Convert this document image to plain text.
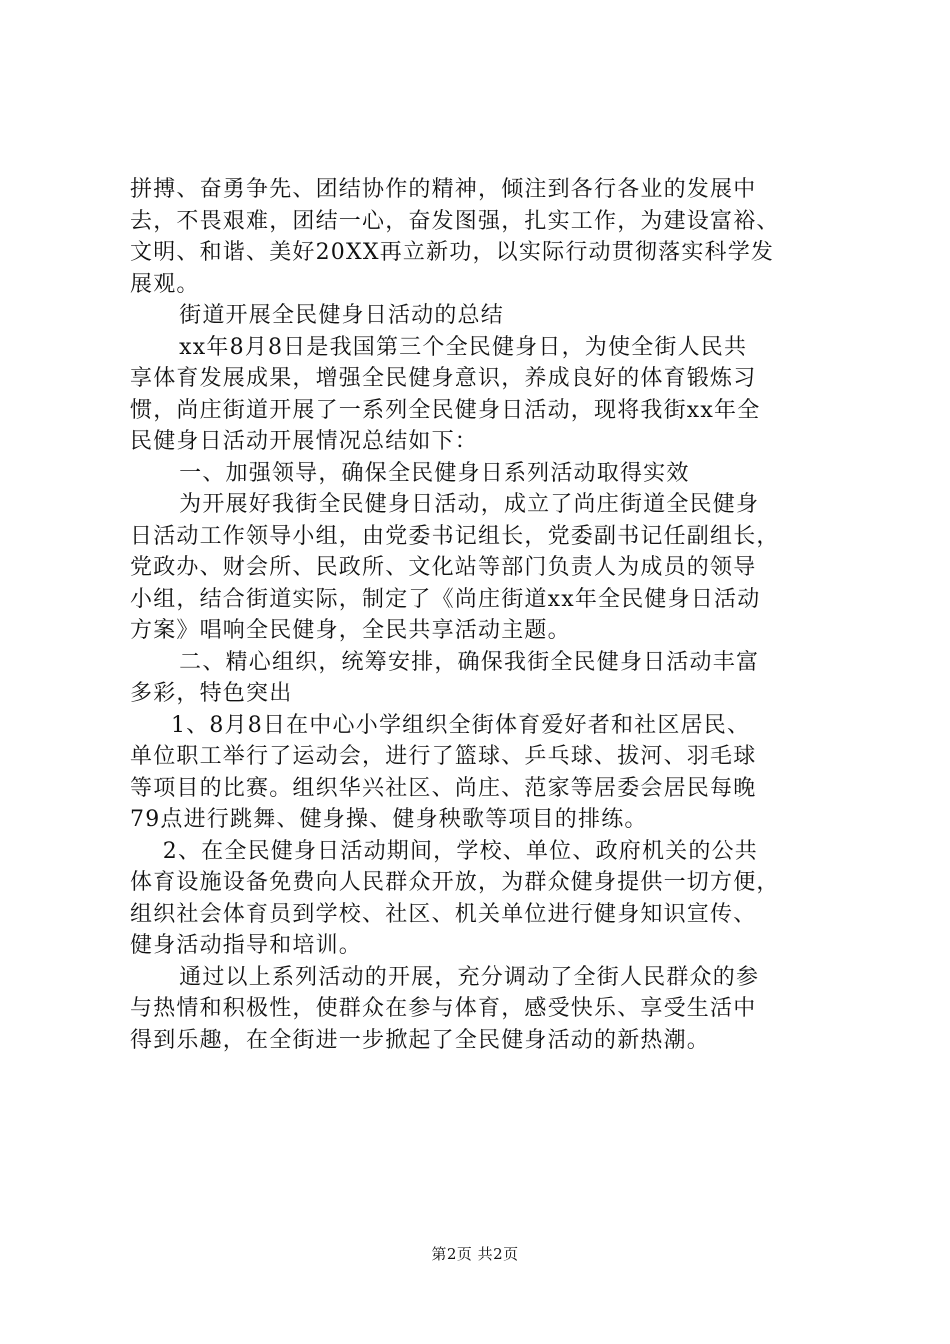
拼搏、奋勇争先、团结协作的精神，倾注到各行各业的发展中
去，不畏艰难，团结一心，奋发图强，扎实工作，为建设富裕、
文明、和谐、美好20XX再立新功，以实际行动贯彻落实科学发
展观。
街道开展全民健身日活动的总结
xx年8月8日是我国第三个全民健身日，为使全街人民共
享体育发展成果，增强全民健身意识，养成良好的体育锻炼习
惯，尚庄街道开展了一系列全民健身日活动，现将我街xx年全
民健身日活动开展情况总结如下：
一、加强领导，确保全民健身日系列活动取得实效
为开展好我街全民健身日活动，成立了尚庄街道全民健身
日活动工作领导小组，由党委书记组长，党委副书记任副组长，
党政办、财会所、民政所、文化站等部门负责人为成员的领导
小组，结合街道实际，制定了《尚庄街道xx年全民健身日活动
方案》唱响全民健身，全民共享活动主题。
二、精心组织，统筹安排，确保我街全民健身日活动丰富
多彩，特色突出
1、8月8日在中心小学组织全街体育爱好者和社区居民、
单位职工举行了运动会，进行了篮球、乒乓球、拔河、羽毛球
等项目的比赛。组织华兴社区、尚庄、范家等居委会居民每晚
79点进行跳舞、健身操、健身秧歌等项目的排练。
2、在全民健身日活动期间，学校、单位、政府机关的公共
体育设施设备免费向人民群众开放，为群众健身提供一切方便，
组织社会体育员到学校、社区、机关单位进行健身知识宣传、
健身活动指导和培训。
通过以上系列活动的开展，充分调动了全街人民群众的参
与热情和积极性，使群众在参与体育，感受快乐、享受生活中
得到乐趣，在全街进一步掀起了全民健身活动的新热潮。
第2页 共2页
